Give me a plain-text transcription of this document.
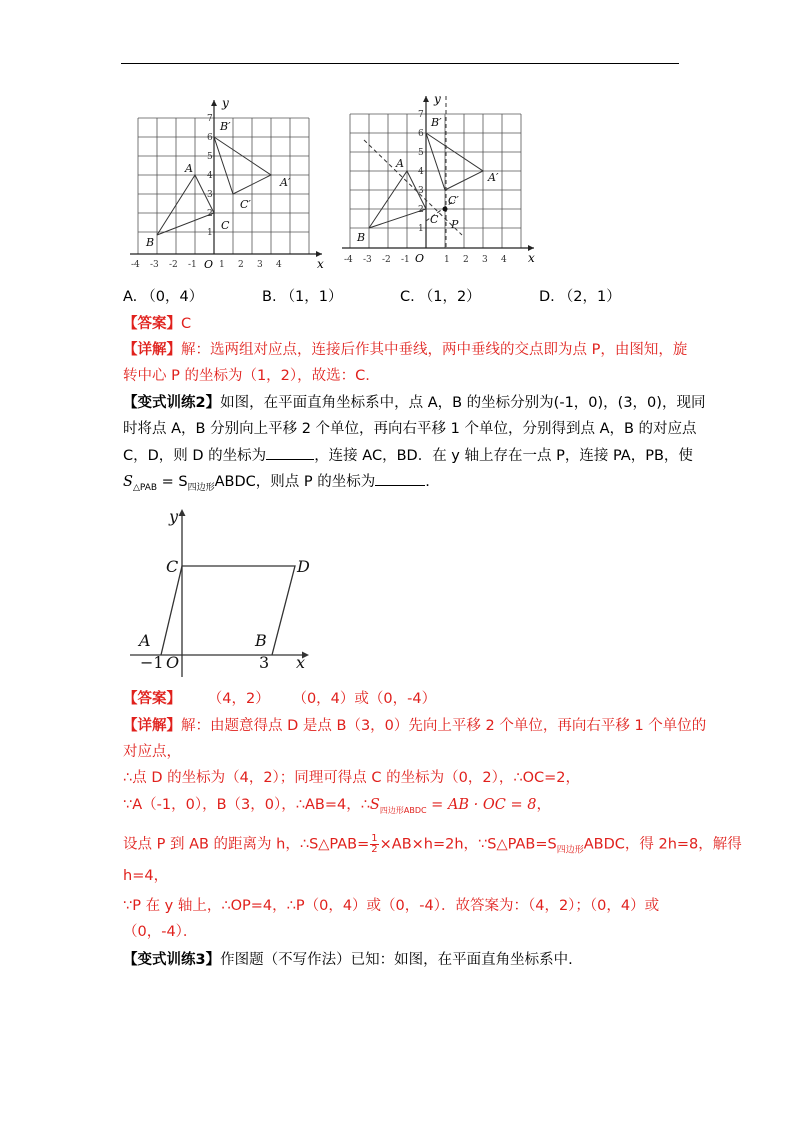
7
6
5
4
3
2
1
-4 -3 -2 -1 1 2 3 4
O
y
x
B′
A
A′
C′
C
B
7
6
5
4
3
2
1
-4 -3 -2 -1	1 2 3 4
O
y
x
B′
A
A′
C′
C P
B
A. （0，4）	B. （1，1）	C. （1，2）	D. （2，1）
【答案】C
【详解】解：选两组对应点，连接后作其中垂线，两中垂线的交点即为点 P，由图知，旋
转中心 P 的坐标为（1，2），故选：C.
【变式训练2】如图，在平面直角坐标系中，点 A，B 的坐标分别为(-1，0)，(3，0)，现同
时将点 A，B 分别向上平移 2 个单位，再向右平移 1 个单位，分别得到点 A，B 的对应点
C，D，则 D 的坐标为	，连接 AC，BD．在 y 轴上存在一点 P，连接 PA，PB，使
$S_{\triangle PAB}$ = $S_{四边形}ABDC$，则点 P 的坐标为	.
y
x
C	D
A	B
O
−1	3
【答案】 （4，2） （0，4）或（0，-4）
【详解】解：由题意得点 D 是点 B（3，0）先向上平移 2 个单位，再向右平移 1 个单位的
对应点，
∴点 D 的坐标为（4，2）；同理可得点 C 的坐标为（0，2），∴OC=2，
∵A（-1，0），B（3，0），∴AB=4，$\therefore S_{四边形ABDC}$ = AB · OC = 8，
设点 P 到 AB 的距离为 h，∴S△PAB= $\frac{1}{2} \times AB\times h=2h$，$\because S\triangle PAB=S_{四边形}ABDC$，得 2h=8，解得
h=4，
∵P 在 y 轴上，∴OP=4，∴P（0，4）或（0，-4）．故答案为：（4，2）；（0，4）或
（0，-4）．
【变式训练3】作图题（不写作法）已知：如图，在平面直角坐标系中.
